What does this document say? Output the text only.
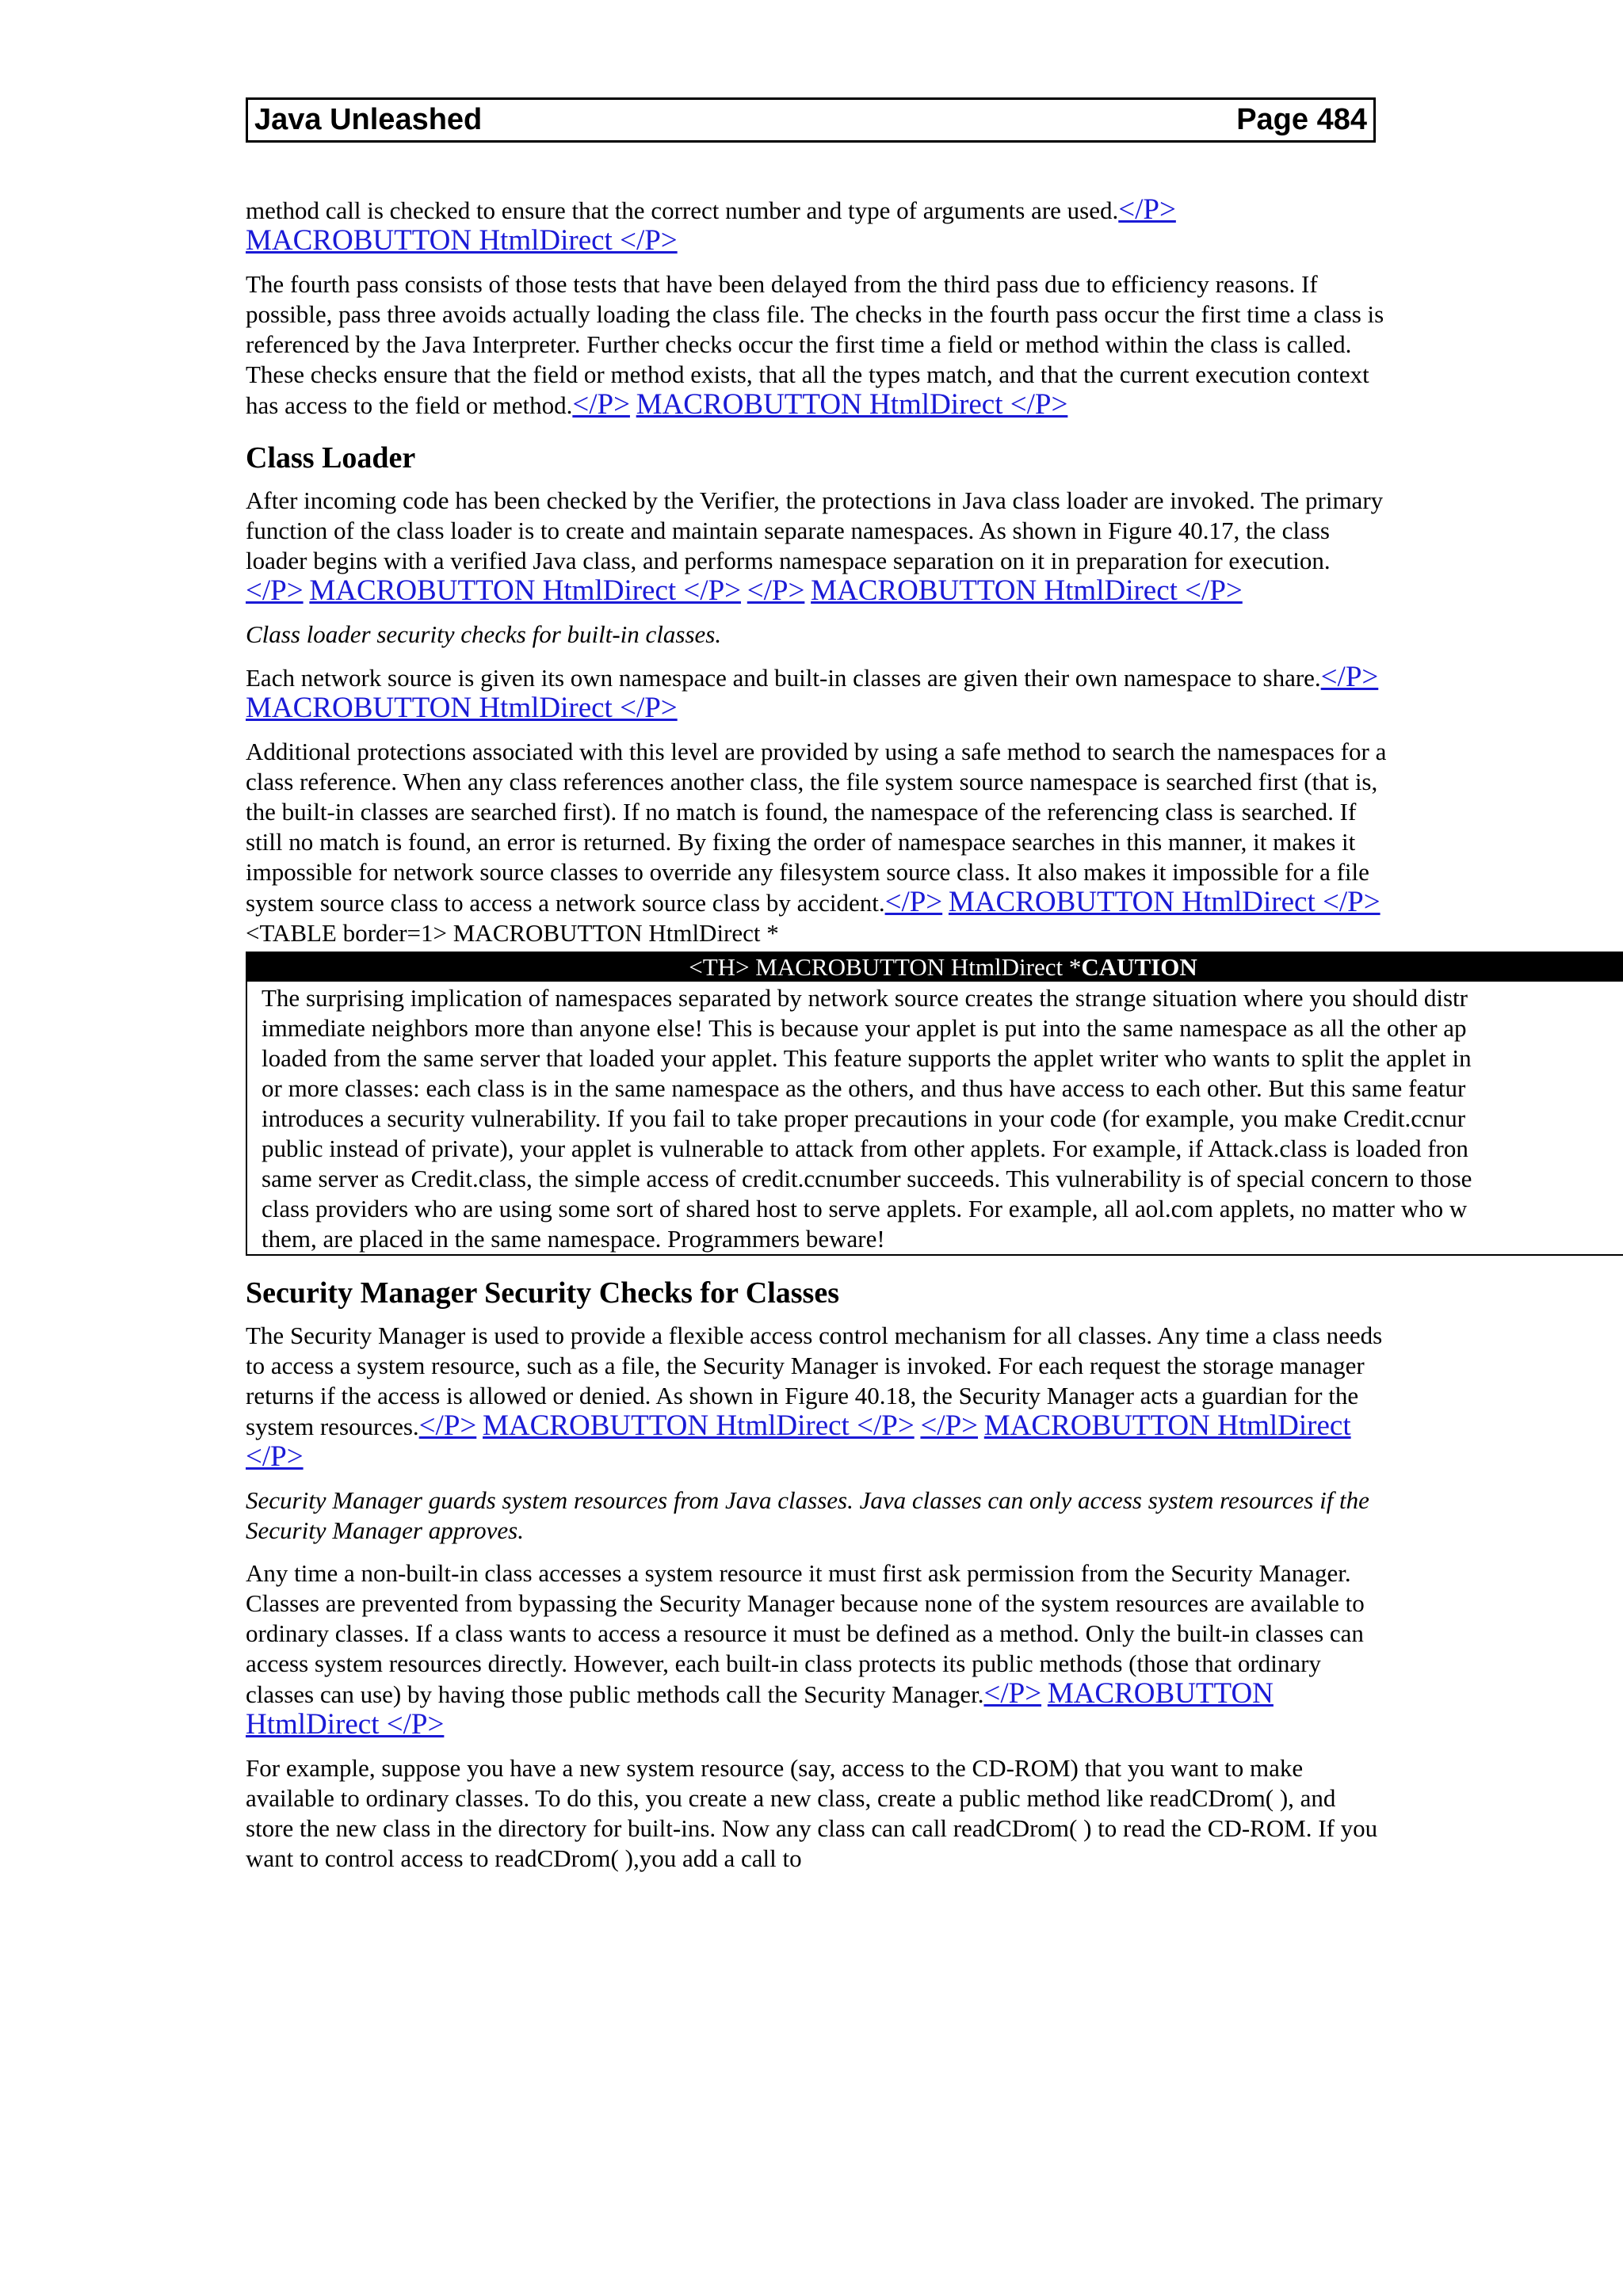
Java Unleashed	Page 484

method call is checked to ensure that the correct number and type of arguments are used.</P> MACROBUTTON HtmlDirect </P>

The fourth pass consists of those tests that have been delayed from the third pass due to efficiency reasons. If possible, pass three avoids actually loading the class file. The checks in the fourth pass occur the first time a class is referenced by the Java Interpreter. Further checks occur the first time a field or method within the class is called. These checks ensure that the field or method exists, that all the types match, and that the current execution context has access to the field or method.</P> MACROBUTTON HtmlDirect </P>

Class Loader

After incoming code has been checked by the Verifier, the protections in Java class loader are invoked. The primary function of the class loader is to create and maintain separate namespaces. As shown in Figure 40.17, the class loader begins with a verified Java class, and performs namespace separation on it in preparation for execution.</P> MACROBUTTON HtmlDirect </P> </P> MACROBUTTON HtmlDirect </P>

Class loader security checks for built-in classes.

Each network source is given its own namespace and built-in classes are given their own namespace to share.</P> MACROBUTTON HtmlDirect </P>

Additional protections associated with this level are provided by using a safe method to search the namespaces for a class reference. When any class references another class, the file system source namespace is searched first (that is, the built-in classes are searched first). If no match is found, the namespace of the referencing class is searched. If still no match is found, an error is returned. By fixing the order of namespace searches in this manner, it makes it impossible for network source classes to override any filesystem source class. It also makes it impossible for a file system source class to access a network source class by accident.</P> MACROBUTTON HtmlDirect </P>

<TABLE border=1> MACROBUTTON HtmlDirect *

<TH> MACROBUTTON HtmlDirect *CAUTION
The surprising implication of namespaces separated by network source creates the strange situation where you should distr
immediate neighbors more than anyone else! This is because your applet is put into the same namespace as all the other ap
loaded from the same server that loaded your applet. This feature supports the applet writer who wants to split the applet in
or more classes: each class is in the same namespace as the others, and thus have access to each other. But this same featur
introduces a security vulnerability. If you fail to take proper precautions in your code (for example, you make Credit.ccnur
public instead of private), your applet is vulnerable to attack from other applets. For example, if Attack.class is loaded fron
same server as Credit.class, the simple access of credit.ccnumber succeeds. This vulnerability is of special concern to those
class providers who are using some sort of shared host to serve applets. For example, all aol.com applets, no matter who w
them, are placed in the same namespace. Programmers beware!
Security Manager Security Checks for Classes

The Security Manager is used to provide a flexible access control mechanism for all classes. Any time a class needs to access a system resource, such as a file, the Security Manager is invoked. For each request the storage manager returns if the access is allowed or denied. As shown in Figure 40.18, the Security Manager acts a guardian for the system resources.</P> MACROBUTTON HtmlDirect </P> </P> MACROBUTTON HtmlDirect </P>

Security Manager guards system resources from Java classes. Java classes can only access system resources if the Security Manager approves.

Any time a non-built-in class accesses a system resource it must first ask permission from the Security Manager. Classes are prevented from bypassing the Security Manager because none of the system resources are available to ordinary classes. If a class wants to access a resource it must be defined as a method. Only the built-in classes can access system resources directly. However, each built-in class protects its public methods (those that ordinary classes can use) by having those public methods call the Security Manager.</P> MACROBUTTON HtmlDirect </P>

For example, suppose you have a new system resource (say, access to the CD-ROM) that you want to make available to ordinary classes. To do this, you create a new class, create a public method like readCDrom( ), and store the new class in the directory for built-ins. Now any class can call readCDrom( ) to read the CD-ROM. If you want to control access to readCDrom( ),you add a call to
